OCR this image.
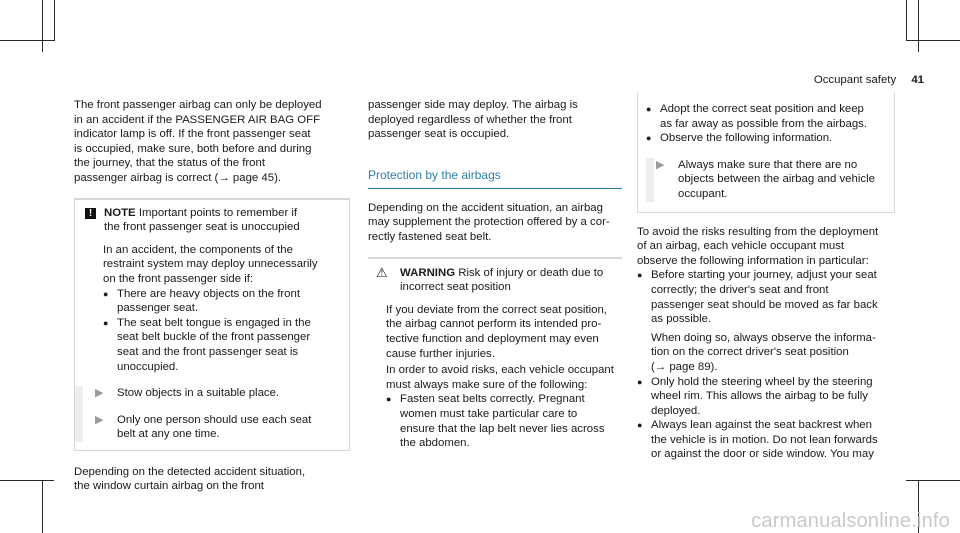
Occupant safety 41

The front passenger airbag can only be deployed

in an accident if the PASSENGER AIR BAG OFF

indicator lamp is off. If the front passenger seat

is occupied, make sure, both before and during

the journey, that the status of the front

passenger airbag is correct (→ page 45).

!	NOTE Important points to remember if

the front passenger seat is unoccupied

In an accident, the components of the

restraint system may deploy unnecessarily

on the front passenger side if:

● There are heavy objects on the front

passenger seat.

● The seat belt tongue is engaged in the

seat belt buckle of the front passenger

seat and the front passenger seat is

unoccupied.

▶	Stow objects in a suitable place.

▶	Only one person should use each seat

belt at any one time.

Depending on the detected accident situation,

the window curtain airbag on the front

passenger side may deploy. The airbag is

deployed regardless of whether the front

passenger seat is occupied.

Protection by the airbags

Depending on the accident situation, an airbag

may supplement the protection offered by a cor-

rectly fastened seat belt.

⚠	WARNING Risk of injury or death due to

incorrect seat position

If you deviate from the correct seat position,

the airbag cannot perform its intended pro-

tective function and deployment may even

cause further injuries.

In order to avoid risks, each vehicle occupant

must always make sure of the following:

● Fasten seat belts correctly. Pregnant

women must take particular care to

ensure that the lap belt never lies across

the abdomen.

● Adopt the correct seat position and keep

as far away as possible from the airbags.

● Observe the following information.

▶	Always make sure that there are no

objects between the airbag and vehicle

occupant.

To avoid the risks resulting from the deployment

of an airbag, each vehicle occupant must

observe the following information in particular:

● Before starting your journey, adjust your seat

correctly; the driver's seat and front

passenger seat should be moved as far back

as possible.

When doing so, always observe the informa-

tion on the correct driver's seat position

(→ page 89).

● Only hold the steering wheel by the steering

wheel rim. This allows the airbag to be fully

deployed.

● Always lean against the seat backrest when

the vehicle is in motion. Do not lean forwards

or against the door or side window. You may

carmanualsonline.info
